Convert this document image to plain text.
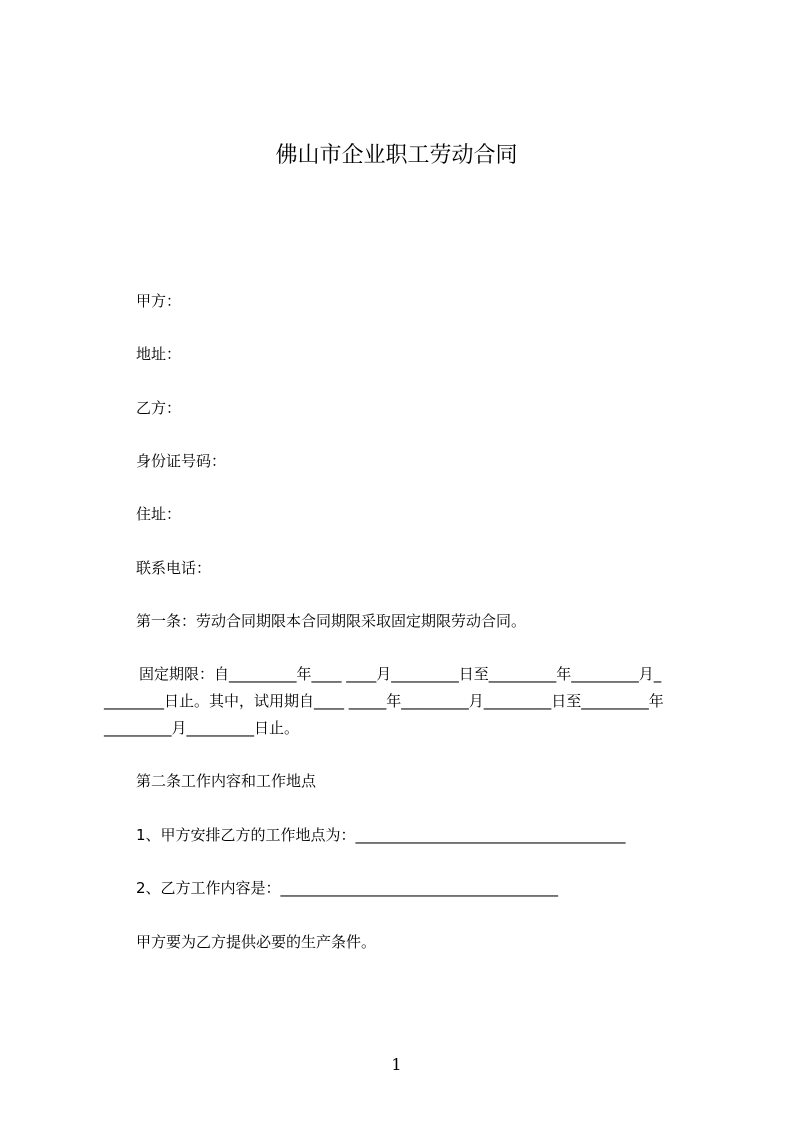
佛山市企业职工劳动合同
甲方：
地址：
乙方：
身份证号码：
住址：
联系电话：
第一条：劳动合同期限本合同期限采取固定期限劳动合同。
固定期限：自_________年____ ____月_________日至_________年_________月_
________日止。其中，试用期自____ _____年_________月_________日至_________年
_________月_________日止。
第二条工作内容和工作地点
1、甲方安排乙方的工作地点为：____________________________________
2、乙方工作内容是：_____________________________________
甲方要为乙方提供必要的生产条件。
1
